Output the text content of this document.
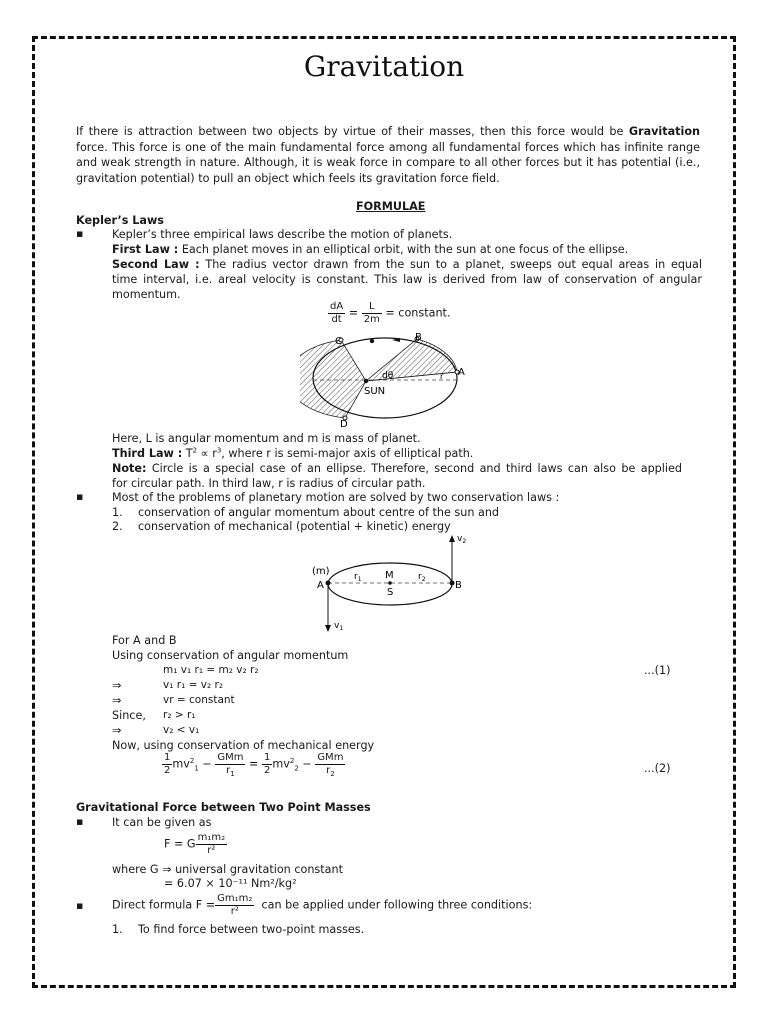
Gravitation
If there is attraction between two objects by virtue of their masses, then this force would be Gravitation force. This force is one of the main fundamental force among all fundamental forces which has infinite range and weak strength in nature. Although, it is weak force in compare to all other forces but it has potential (i.e., gravitation potential) to pull an object which feels its gravitation force field.
FORMULAE
Kepler’s Laws
▪	Kepler’s three empirical laws describe the motion of planets.
First Law : Each planet moves in an elliptical orbit, with the sun at one focus of the ellipse.
Second Law : The radius vector drawn from the sun to a planet, sweeps out equal areas in equal
time interval, i.e. areal velocity is constant. This law is derived from law of conservation of angular
momentum.
$\frac{dA}{dt} = \frac{L}{2m}$ = constant.
C	B
A
D
SUN
dθ	r
Here, L is angular momentum and m is mass of planet.
Third Law : $T^2 \propto r^3$, where r is semi-major axis of elliptical path.
Note: Circle is a special case of an ellipse. Therefore, second and third laws can also be applied
for circular path. In third law, r is radius of circular path.
▪	Most of the problems of planetary motion are solved by two conservation laws :
1. conservation of angular momentum about centre of the sun and
2. conservation of mechanical (potential + kinetic) energy
(m)
A	B
M
S
$r_1$	$r_2$
$v_2$
$v_1$
For A and B
Using conservation of angular momentum
m₁ v₁ r₁ = m₂ v₂ r₂	...(1)
⇒	v₁ r₁ = v₂ r₂
⇒	vr = constant
Since, r₂ > r₁
⇒	v₂ < v₁
Now, using conservation of mechanical energy
$\frac{1}{2} mv^2_1 - \frac{\text{GMm}}{r_1} = \frac{1}{2} mv^2_2 - \frac{\text{GMm}}{r_2}$	...(2)
Gravitational Force between Two Point Masses
▪	It can be given as
F = G $\frac{\text{m₁m₂}}{\text{r²}}$
where G ⇒ universal gravitation constant
= 6.07 × 10⁻¹¹ Nm²/kg²
▪	Direct formula $F = \frac{\text{Gm₁m₂}}{\text{r²}}$ can be applied under following three conditions:
1. To find force between two-point masses.
